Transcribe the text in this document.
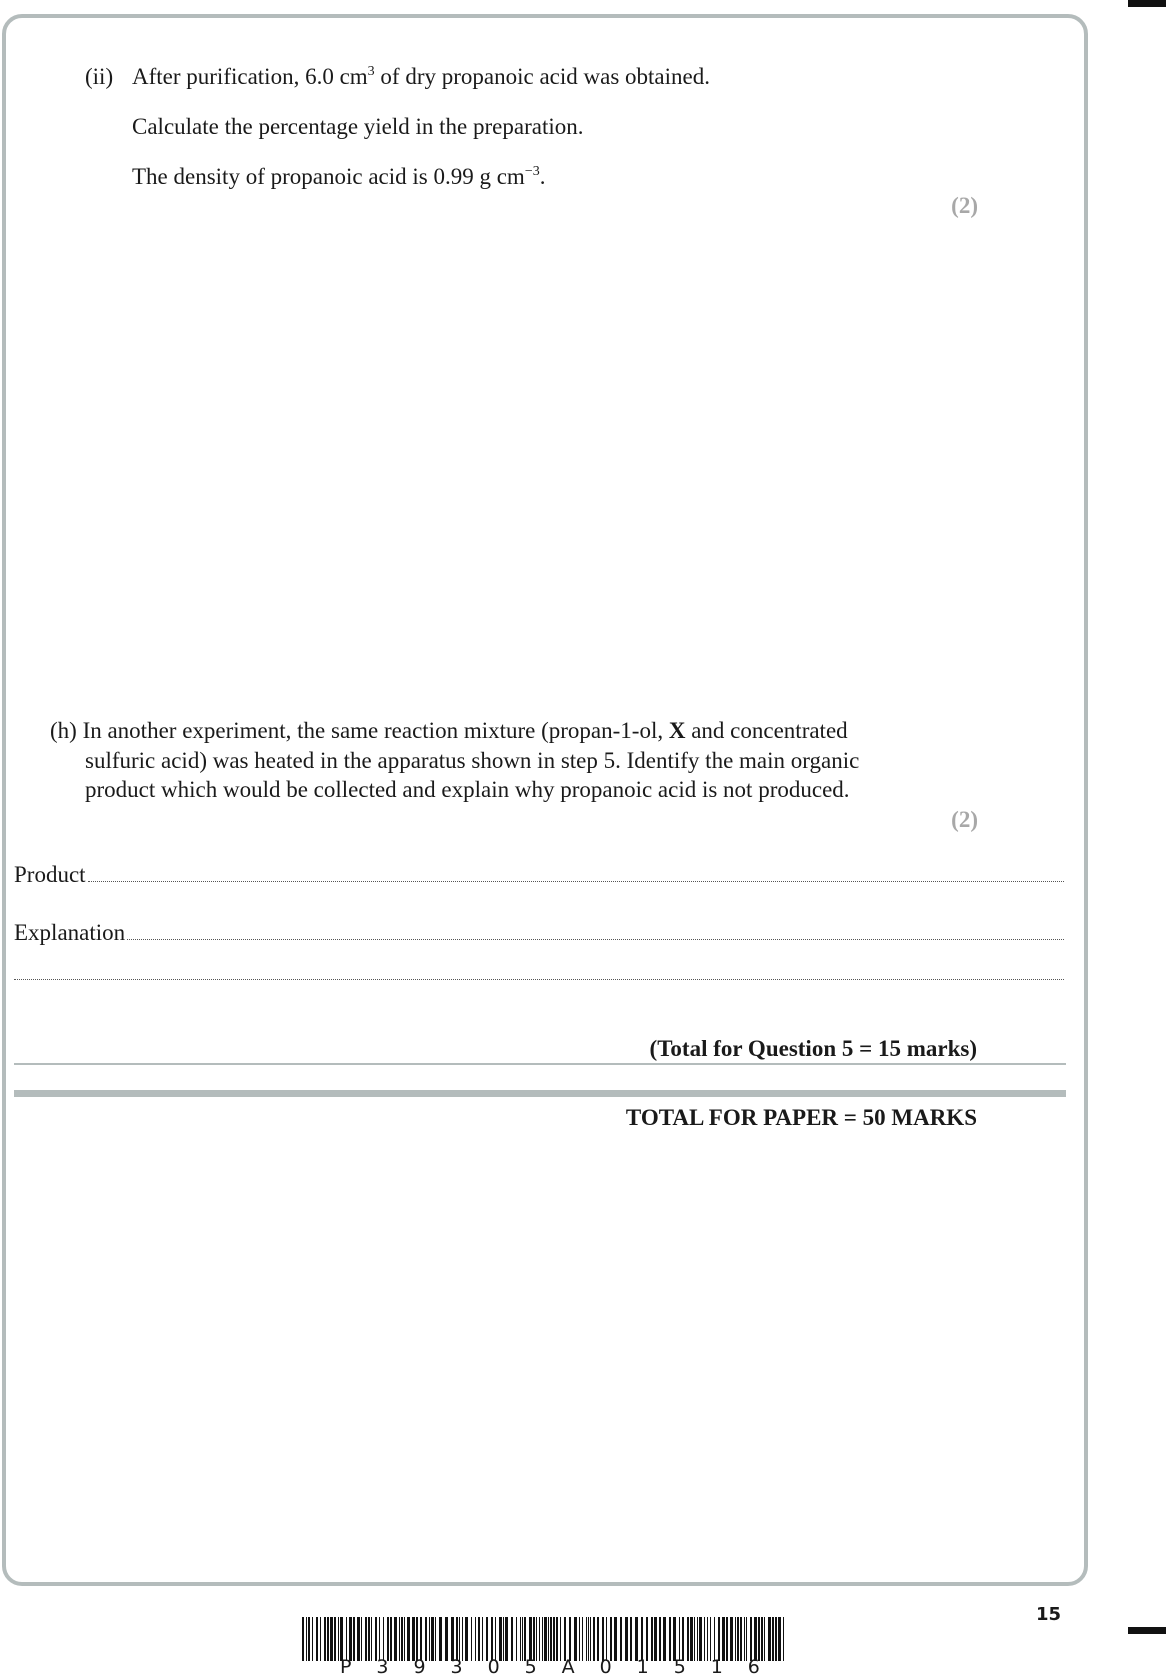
(ii) After purification, 6.0 $cm^3$ of dry propanoic acid was obtained.
Calculate the percentage yield in the preparation.
The density of propanoic acid is 0.99 g $cm^{-3}$.
(2)
(h) In another experiment, the same reaction mixture (propan-1-ol, X and concentrated
sulfuric acid) was heated in the apparatus shown in step 5. Identify the main organic
product which would be collected and explain why propanoic acid is not produced.
(2)
Product
Explanation
(Total for Question 5 = 15 marks)
TOTAL FOR PAPER = 50 MARKS
15
P 3 9 3 0 5 A 0 1 5 1 6
